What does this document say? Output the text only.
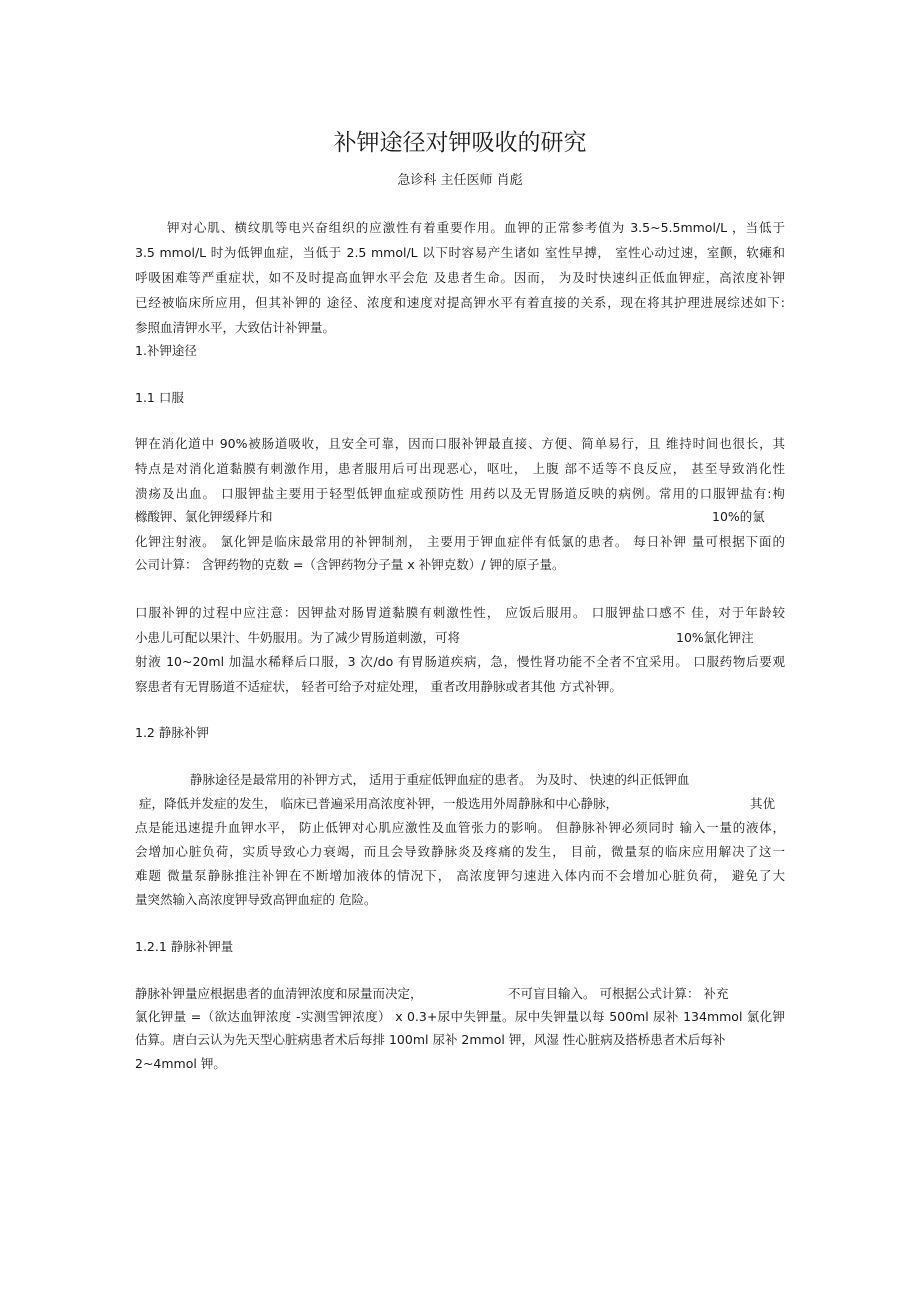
补钾途径对钾吸收的研究
急诊科 主任医师 肖彪
钾对心肌、横纹肌等电兴奋组织的应激性有着重要作用。血钾的正常参考值为 3.5~5.5mmol/L ，当低于
3.5 mmol/L 时为低钾血症，当低于 2.5 mmol/L 以下时容易产生诸如 室性早搏， 室性心动过速，室颤，软瘫和
呼吸困难等严重症状，如不及时提高血钾水平会危 及患者生命。因而， 为及时快速纠正低血钾症，高浓度补钾
已经被临床所应用，但其补钾的 途径、浓度和速度对提高钾水平有着直接的关系，现在将其护理进展综述如下:
参照血清钾水平，大致估计补钾量。
1.补钾途径
1.1 口服
钾在消化道中 90%被肠道吸收，且安全可靠，因而口服补钾最直接、方便、简单易行，且 维持时间也很长，其
特点是对消化道黏膜有刺激作用，患者服用后可出现恶心，呕吐， 上腹 部不适等不良反应， 甚至导致消化性
溃疡及出血。 口服钾盐主要用于轻型低钾血症或预防性 用药以及无胃肠道反映的病例。常用的口服钾盐有:枸
橼酸钾、氯化钾缓释片和	10%的氯
化钾注射液。 氯化钾是临床最常用的补钾制剂， 主要用于钾血症伴有低氯的患者。 每日补钾 量可根据下面的
公司计算： 含钾药物的克数 =（含钾药物分子量 x 补钾克数）/ 钾的原子量。
口服补钾的过程中应注意：因钾盐对肠胃道黏膜有刺激性性， 应饭后服用。 口服钾盐口感不 佳，对于年龄较
小患儿可配以果汁、牛奶服用。为了减少胃肠道刺激，可将	10%氯化钾注
射液 10~20ml 加温水稀释后口服，3 次/do 有胃肠道疾病，急，慢性肾功能不全者不宜采用。 口服药物后要观
察患者有无胃肠道不适症状， 轻者可给予对症处理， 重者改用静脉或者其他 方式补钾。
1.2 静脉补钾
静脉途径是最常用的补钾方式， 适用于重症低钾血症的患者。 为及时、 快速的纠正低钾血
症，降低并发症的发生， 临床已普遍采用高浓度补钾，一般选用外周静脉和中心静脉，	其优
点是能迅速提升血钾水平， 防止低钾对心肌应激性及血管张力的影响。 但静脉补钾必须同时 输入一量的液体，
会增加心脏负荷，实质导致心力衰竭，而且会导致静脉炎及疼痛的发生， 目前，微量泵的临床应用解决了这一
难题 微量泵静脉推注补钾在不断增加液体的情况下， 高浓度钾匀速进入体内而不会增加心脏负荷， 避免了大
量突然输入高浓度钾导致高钾血症的 危险。
1.2.1 静脉补钾量
静脉补钾量应根据患者的血清钾浓度和尿量而决定，	不可盲目输入。 可根据公式计算： 补充
氯化钾量 =（欲达血钾浓度 -实测雪钾浓度） x 0.3+尿中失钾量。尿中失钾量以每 500ml 尿补 134mmol 氯化钾
估算。唐白云认为先天型心脏病患者术后每排 100ml 尿补 2mmol 钾，风湿 性心脏病及搭桥患者术后每补
2~4mmol 钾。
